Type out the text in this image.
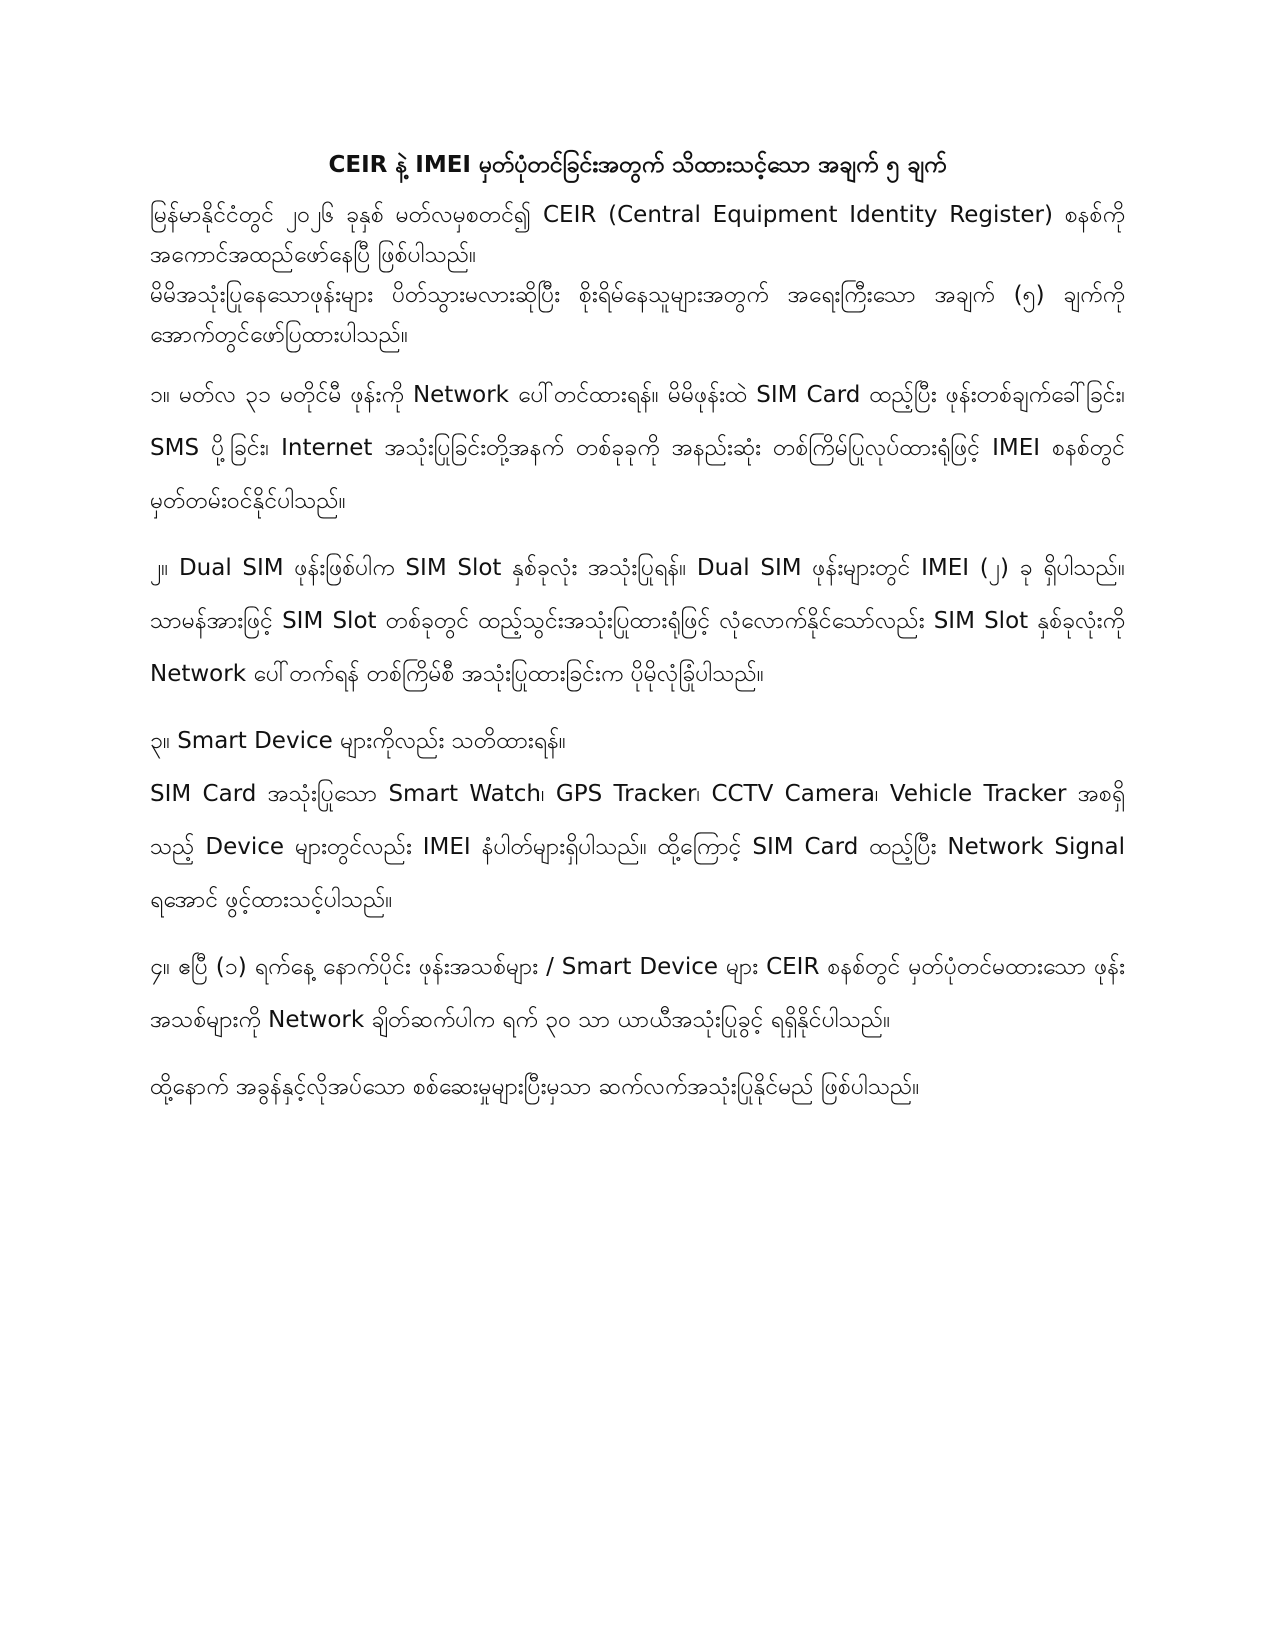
CEIR နဲ့ IMEI မှတ်ပုံတင်ခြင်းအတွက် သိထားသင့်သော အချက် ၅ ချက်

မြန်မာနိုင်ငံတွင် ၂၀၂၆ ခုနှစ် မတ်လမှစတင်၍ CEIR (Central Equipment Identity Register) စနစ်ကို အကောင်အထည်ဖော်နေပြီ ဖြစ်ပါသည်။

မိမိအသုံးပြုနေသောဖုန်းများ ပိတ်သွားမလားဆိုပြီး စိုးရိမ်နေသူများအတွက် အရေးကြီးသော အချက် (၅) ချက်ကို အောက်တွင်ဖော်ပြထားပါသည်။

၁။ မတ်လ ၃၁ မတိုင်မီ ဖုန်းကို Network ပေါ်တင်ထားရန်။ မိမိဖုန်းထဲ SIM Card ထည့်ပြီး ဖုန်းတစ်ချက်ခေါ်ခြင်း၊ SMS ပို့ခြင်း၊ Internet အသုံးပြုခြင်းတို့အနက် တစ်ခုခုကို အနည်းဆုံး တစ်ကြိမ်ပြုလုပ်ထားရုံဖြင့် IMEI စနစ်တွင် မှတ်တမ်းဝင်နိုင်ပါသည်။

၂။ Dual SIM ဖုန်းဖြစ်ပါက SIM Slot နှစ်ခုလုံး အသုံးပြုရန်။ Dual SIM ဖုန်းများတွင် IMEI (၂) ခု ရှိပါသည်။ သာမန်အားဖြင့် SIM Slot တစ်ခုတွင် ထည့်သွင်းအသုံးပြုထားရုံဖြင့် လုံလောက်နိုင်သော်လည်း SIM Slot နှစ်ခုလုံးကို Network ပေါ်တက်ရန် တစ်ကြိမ်စီ အသုံးပြုထားခြင်းက ပိုမိုလုံခြုံပါသည်။

၃။ Smart Device များကိုလည်း သတိထားရန်။

SIM Card အသုံးပြုသော Smart Watch၊ GPS Tracker၊ CCTV Camera၊ Vehicle Tracker အစရှိသည့် Device များတွင်လည်း IMEI နံပါတ်များရှိပါသည်။ ထို့ကြောင့် SIM Card ထည့်ပြီး Network Signal ရအောင် ဖွင့်ထားသင့်ပါသည်။

၄။ ဧပြီ (၁) ရက်နေ့ နောက်ပိုင်း ဖုန်းအသစ်များ / Smart Device များ CEIR စနစ်တွင် မှတ်ပုံတင်မထားသော ဖုန်းအသစ်များကို Network ချိတ်ဆက်ပါက ရက် ၃၀ သာ ယာယီအသုံးပြုခွင့် ရရှိနိုင်ပါသည်။

ထို့နောက် အခွန်နှင့်လိုအပ်သော စစ်ဆေးမှုများပြီးမှသာ ဆက်လက်အသုံးပြုနိုင်မည် ဖြစ်ပါသည်။
